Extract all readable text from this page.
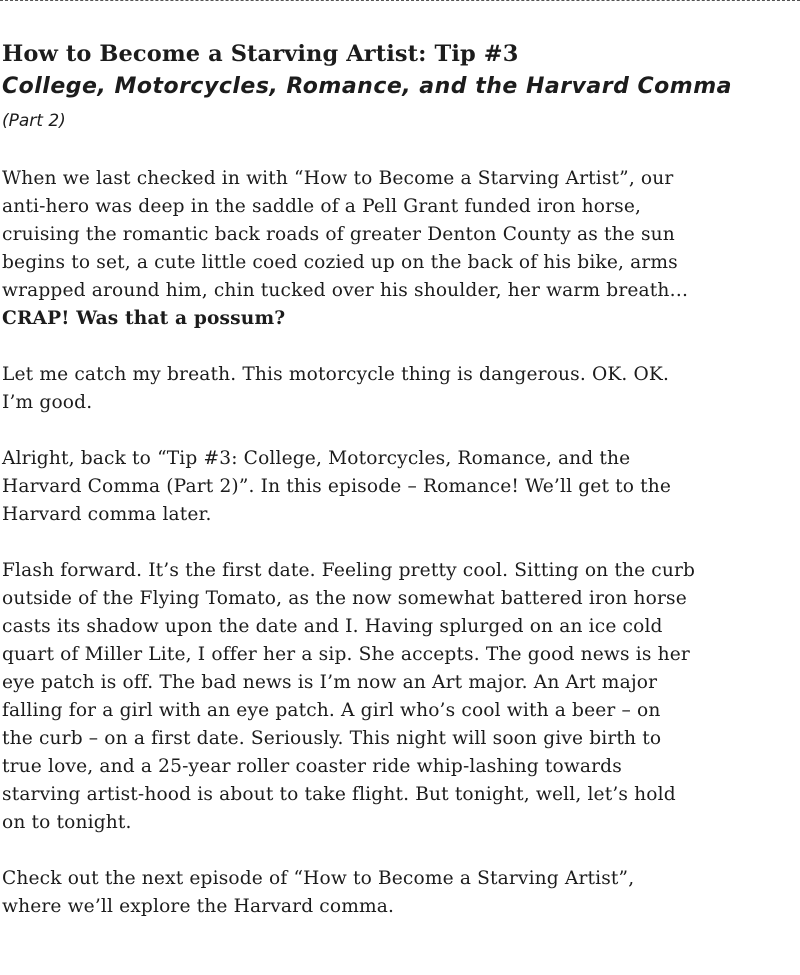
How to Become a Starving Artist: Tip #3
College, Motorcycles, Romance, and the Harvard Comma
(Part 2)

When we last checked in with “How to Become a Starving Artist”, our
anti-hero was deep in the saddle of a Pell Grant funded iron horse,
cruising the romantic back roads of greater Denton County as the sun
begins to set, a cute little coed cozied up on the back of his bike, arms
wrapped around him, chin tucked over his shoulder, her warm breath…
CRAP! Was that a possum?

Let me catch my breath. This motorcycle thing is dangerous. OK. OK.
I’m good.

Alright, back to “Tip #3: College, Motorcycles, Romance, and the
Harvard Comma (Part 2)”. In this episode – Romance! We’ll get to the
Harvard comma later.

Flash forward. It’s the first date. Feeling pretty cool. Sitting on the curb
outside of the Flying Tomato, as the now somewhat battered iron horse
casts its shadow upon the date and I. Having splurged on an ice cold
quart of Miller Lite, I offer her a sip. She accepts. The good news is her
eye patch is off. The bad news is I’m now an Art major. An Art major
falling for a girl with an eye patch. A girl who’s cool with a beer – on
the curb – on a first date. Seriously. This night will soon give birth to
true love, and a 25-year roller coaster ride whip-lashing towards
starving artist-hood is about to take flight. But tonight, well, let’s hold
on to tonight.

Check out the next episode of “How to Become a Starving Artist”,
where we’ll explore the Harvard comma.
